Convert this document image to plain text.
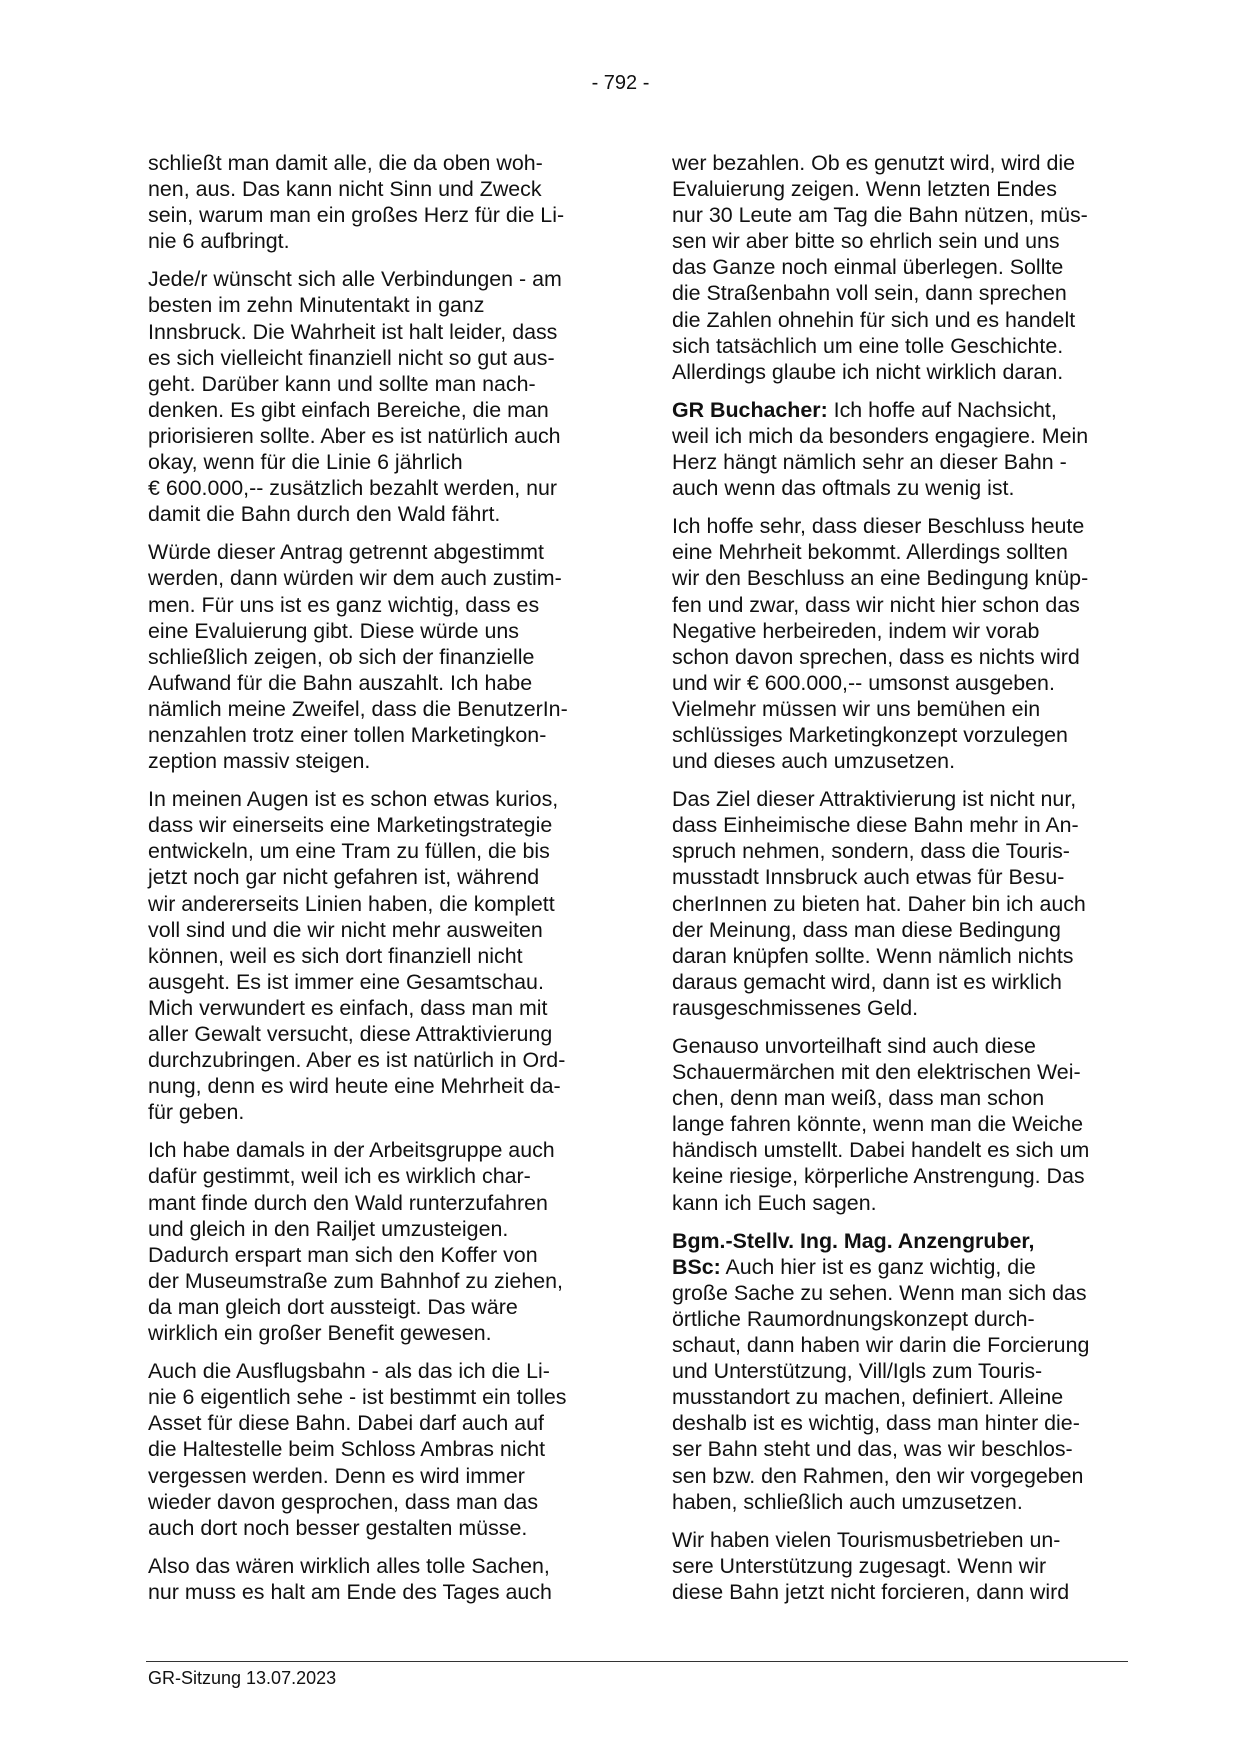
- 792 -

schließt man damit alle, die da oben woh-
nen, aus. Das kann nicht Sinn und Zweck
sein, warum man ein großes Herz für die Li-
nie 6 aufbringt.

Jede/r wünscht sich alle Verbindungen - am
besten im zehn Minutentakt in ganz
Innsbruck. Die Wahrheit ist halt leider, dass
es sich vielleicht finanziell nicht so gut aus-
geht. Darüber kann und sollte man nach-
denken. Es gibt einfach Bereiche, die man
priorisieren sollte. Aber es ist natürlich auch
okay, wenn für die Linie 6 jährlich
€ 600.000,-- zusätzlich bezahlt werden, nur
damit die Bahn durch den Wald fährt.

Würde dieser Antrag getrennt abgestimmt
werden, dann würden wir dem auch zustim-
men. Für uns ist es ganz wichtig, dass es
eine Evaluierung gibt. Diese würde uns
schließlich zeigen, ob sich der finanzielle
Aufwand für die Bahn auszahlt. Ich habe
nämlich meine Zweifel, dass die BenutzerIn-
nenzahlen trotz einer tollen Marketingkon-
zeption massiv steigen.

In meinen Augen ist es schon etwas kurios,
dass wir einerseits eine Marketingstrategie
entwickeln, um eine Tram zu füllen, die bis
jetzt noch gar nicht gefahren ist, während
wir andererseits Linien haben, die komplett
voll sind und die wir nicht mehr ausweiten
können, weil es sich dort finanziell nicht
ausgeht. Es ist immer eine Gesamtschau.
Mich verwundert es einfach, dass man mit
aller Gewalt versucht, diese Attraktivierung
durchzubringen. Aber es ist natürlich in Ord-
nung, denn es wird heute eine Mehrheit da-
für geben.

Ich habe damals in der Arbeitsgruppe auch
dafür gestimmt, weil ich es wirklich char-
mant finde durch den Wald runterzufahren
und gleich in den Railjet umzusteigen.
Dadurch erspart man sich den Koffer von
der Museumstraße zum Bahnhof zu ziehen,
da man gleich dort aussteigt. Das wäre
wirklich ein großer Benefit gewesen.

Auch die Ausflugsbahn - als das ich die Li-
nie 6 eigentlich sehe - ist bestimmt ein tolles
Asset für diese Bahn. Dabei darf auch auf
die Haltestelle beim Schloss Ambras nicht
vergessen werden. Denn es wird immer
wieder davon gesprochen, dass man das
auch dort noch besser gestalten müsse.

Also das wären wirklich alles tolle Sachen,
nur muss es halt am Ende des Tages auch

wer bezahlen. Ob es genutzt wird, wird die
Evaluierung zeigen. Wenn letzten Endes
nur 30 Leute am Tag die Bahn nützen, müs-
sen wir aber bitte so ehrlich sein und uns
das Ganze noch einmal überlegen. Sollte
die Straßenbahn voll sein, dann sprechen
die Zahlen ohnehin für sich und es handelt
sich tatsächlich um eine tolle Geschichte.
Allerdings glaube ich nicht wirklich daran.

GR Buchacher: Ich hoffe auf Nachsicht,
weil ich mich da besonders engagiere. Mein
Herz hängt nämlich sehr an dieser Bahn -
auch wenn das oftmals zu wenig ist.

Ich hoffe sehr, dass dieser Beschluss heute
eine Mehrheit bekommt. Allerdings sollten
wir den Beschluss an eine Bedingung knüp-
fen und zwar, dass wir nicht hier schon das
Negative herbeireden, indem wir vorab
schon davon sprechen, dass es nichts wird
und wir € 600.000,-- umsonst ausgeben.
Vielmehr müssen wir uns bemühen ein
schlüssiges Marketingkonzept vorzulegen
und dieses auch umzusetzen.

Das Ziel dieser Attraktivierung ist nicht nur,
dass Einheimische diese Bahn mehr in An-
spruch nehmen, sondern, dass die Touris-
musstadt Innsbruck auch etwas für Besu-
cherInnen zu bieten hat. Daher bin ich auch
der Meinung, dass man diese Bedingung
daran knüpfen sollte. Wenn nämlich nichts
daraus gemacht wird, dann ist es wirklich
rausgeschmissenes Geld.

Genauso unvorteilhaft sind auch diese
Schauermärchen mit den elektrischen Wei-
chen, denn man weiß, dass man schon
lange fahren könnte, wenn man die Weiche
händisch umstellt. Dabei handelt es sich um
keine riesige, körperliche Anstrengung. Das
kann ich Euch sagen.

Bgm.-Stellv. Ing. Mag. Anzengruber,
BSc: Auch hier ist es ganz wichtig, die
große Sache zu sehen. Wenn man sich das
örtliche Raumordnungskonzept durch-
schaut, dann haben wir darin die Forcierung
und Unterstützung, Vill/Igls zum Touris-
musstandort zu machen, definiert. Alleine
deshalb ist es wichtig, dass man hinter die-
ser Bahn steht und das, was wir beschlos-
sen bzw. den Rahmen, den wir vorgegeben
haben, schließlich auch umzusetzen.

Wir haben vielen Tourismusbetrieben un-
sere Unterstützung zugesagt. Wenn wir
diese Bahn jetzt nicht forcieren, dann wird

GR-Sitzung 13.07.2023
